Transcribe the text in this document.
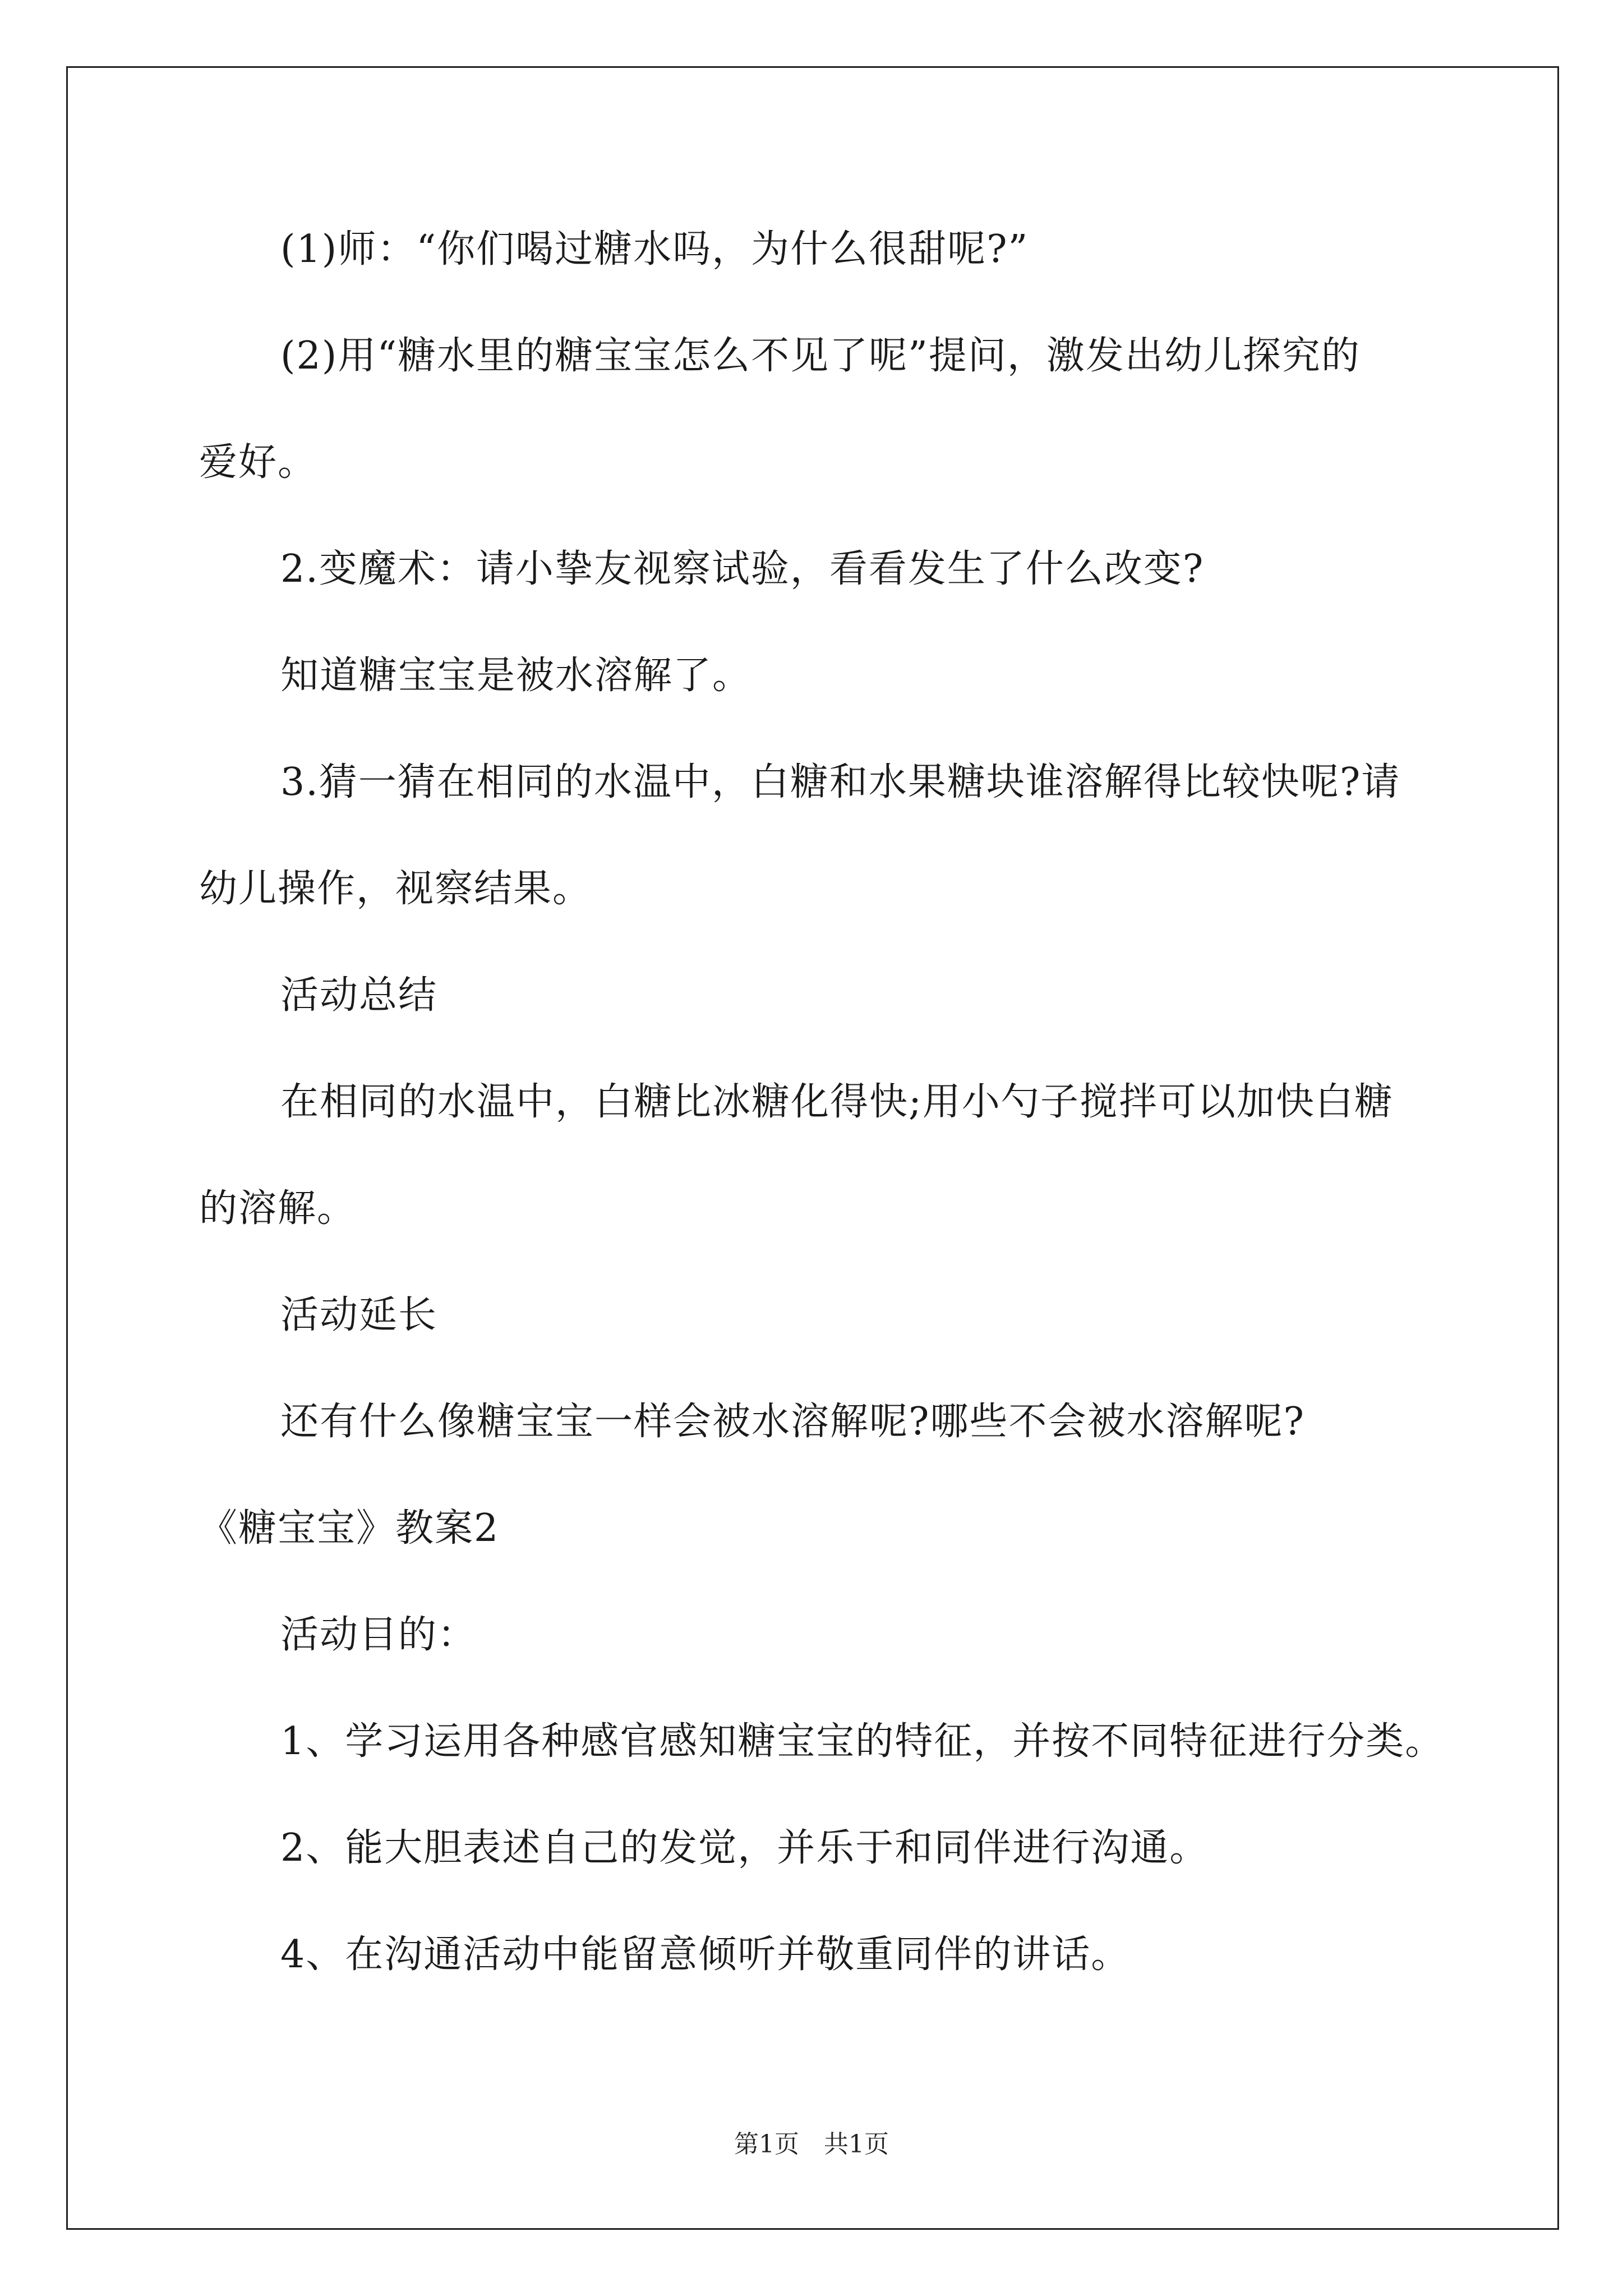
(1)师：“你们喝过糖水吗，为什么很甜呢?”
(2)用“糖水里的糖宝宝怎么不见了呢”提问，激发出幼儿探究的
爱好。
2.变魔术：请小挚友视察试验，看看发生了什么改变?
知道糖宝宝是被水溶解了。
3.猜一猜在相同的水温中，白糖和水果糖块谁溶解得比较快呢?请
幼儿操作，视察结果。
活动总结
在相同的水温中，白糖比冰糖化得快;用小勺子搅拌可以加快白糖
的溶解。
活动延长
还有什么像糖宝宝一样会被水溶解呢?哪些不会被水溶解呢?
《糖宝宝》教案2
活动目的：
1、学习运用各种感官感知糖宝宝的特征，并按不同特征进行分类。
2、能大胆表述自己的发觉，并乐于和同伴进行沟通。
4、在沟通活动中能留意倾听并敬重同伴的讲话。
第1页　共1页
